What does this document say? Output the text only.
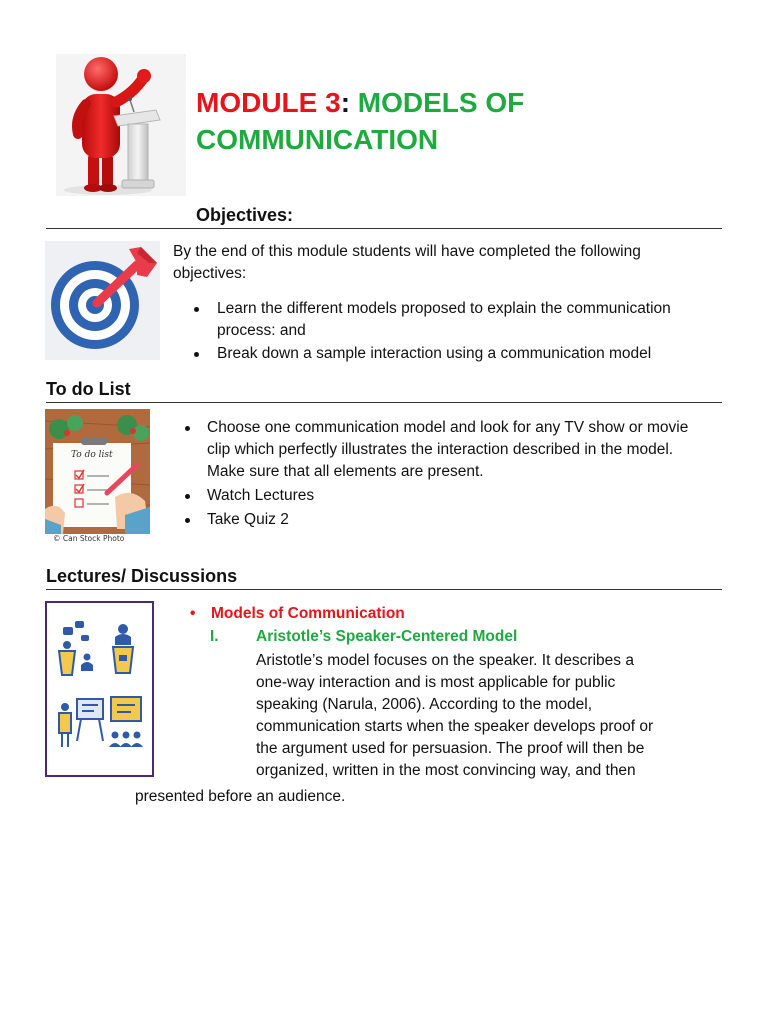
MODULE 3: MODELS OF COMMUNICATION
Objectives:
By the end of this module students will have completed the following objectives:
Learn the different models proposed to explain the communication process: and
Break down a sample interaction using a communication model
To do List
To do list
© Can Stock Photo
Choose one communication model and look for any TV show or movie clip which perfectly illustrates the interaction described in the model. Make sure that all elements are present.
Watch Lectures
Take Quiz 2
Lectures/ Discussions
• Models of Communication
I. Aristotle’s Speaker-Centered Model
Aristotle’s model focuses on the speaker. It describes a
one-way interaction and is most applicable for public
speaking (Narula, 2006). According to the model,
communication starts when the speaker develops proof or
the argument used for persuasion. The proof will then be
organized, written in the most convincing way, and then
presented before an audience.
